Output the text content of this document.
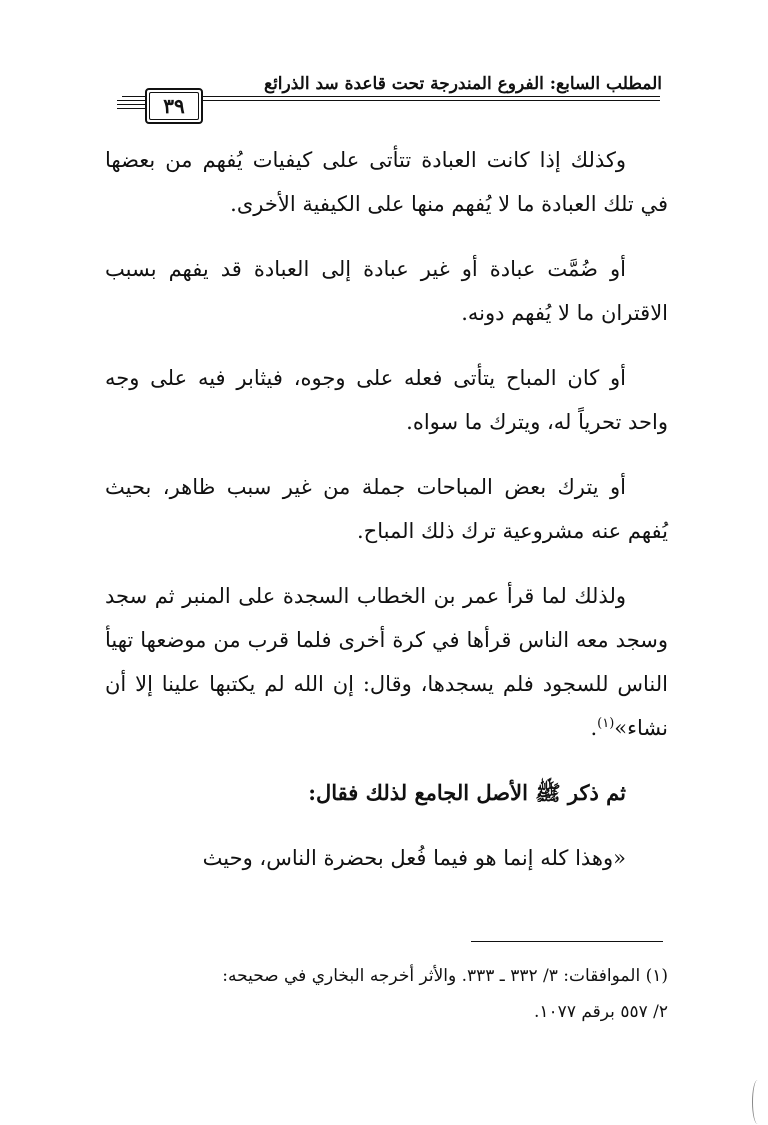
المطلب السابع: الفروع المندرجة تحت قاعدة سد الذرائع
٣٩

وكذلك إذا كانت العبادة تتأتى على كيفيات يُفهم من بعضها في تلك العبادة ما لا يُفهم منها على الكيفية الأخرى.

أو ضُمَّت عبادة أو غير عبادة إلى العبادة قد يفهم بسبب الاقتران ما لا يُفهم دونه.

أو كان المباح يتأتى فعله على وجوه، فيثابر فيه على وجه واحد تحرياً له، ويترك ما سواه.

أو يترك بعض المباحات جملة من غير سبب ظاهر، بحيث يُفهم عنه مشروعية ترك ذلك المباح.

ولذلك لما قرأ عمر بن الخطاب السجدة على المنبر ثم سجد وسجد معه الناس قرأها في كرة أخرى فلما قرب من موضعها تهيأ الناس للسجود فلم يسجدها، وقال: إن الله لم يكتبها علينا إلا أن نشاء»$^{(١)}$.

ثم ذكر ﷺ الأصل الجامع لذلك فقال:

«وهذا كله إنما هو فيما فُعل بحضرة الناس، وحيث

(١) الموافقات: ٣/ ٣٣٢ ـ ٣٣٣. والأثر أخرجه البخاري في صحيحه:
٢/ ٥٥٧ برقم ١٠٧٧.
